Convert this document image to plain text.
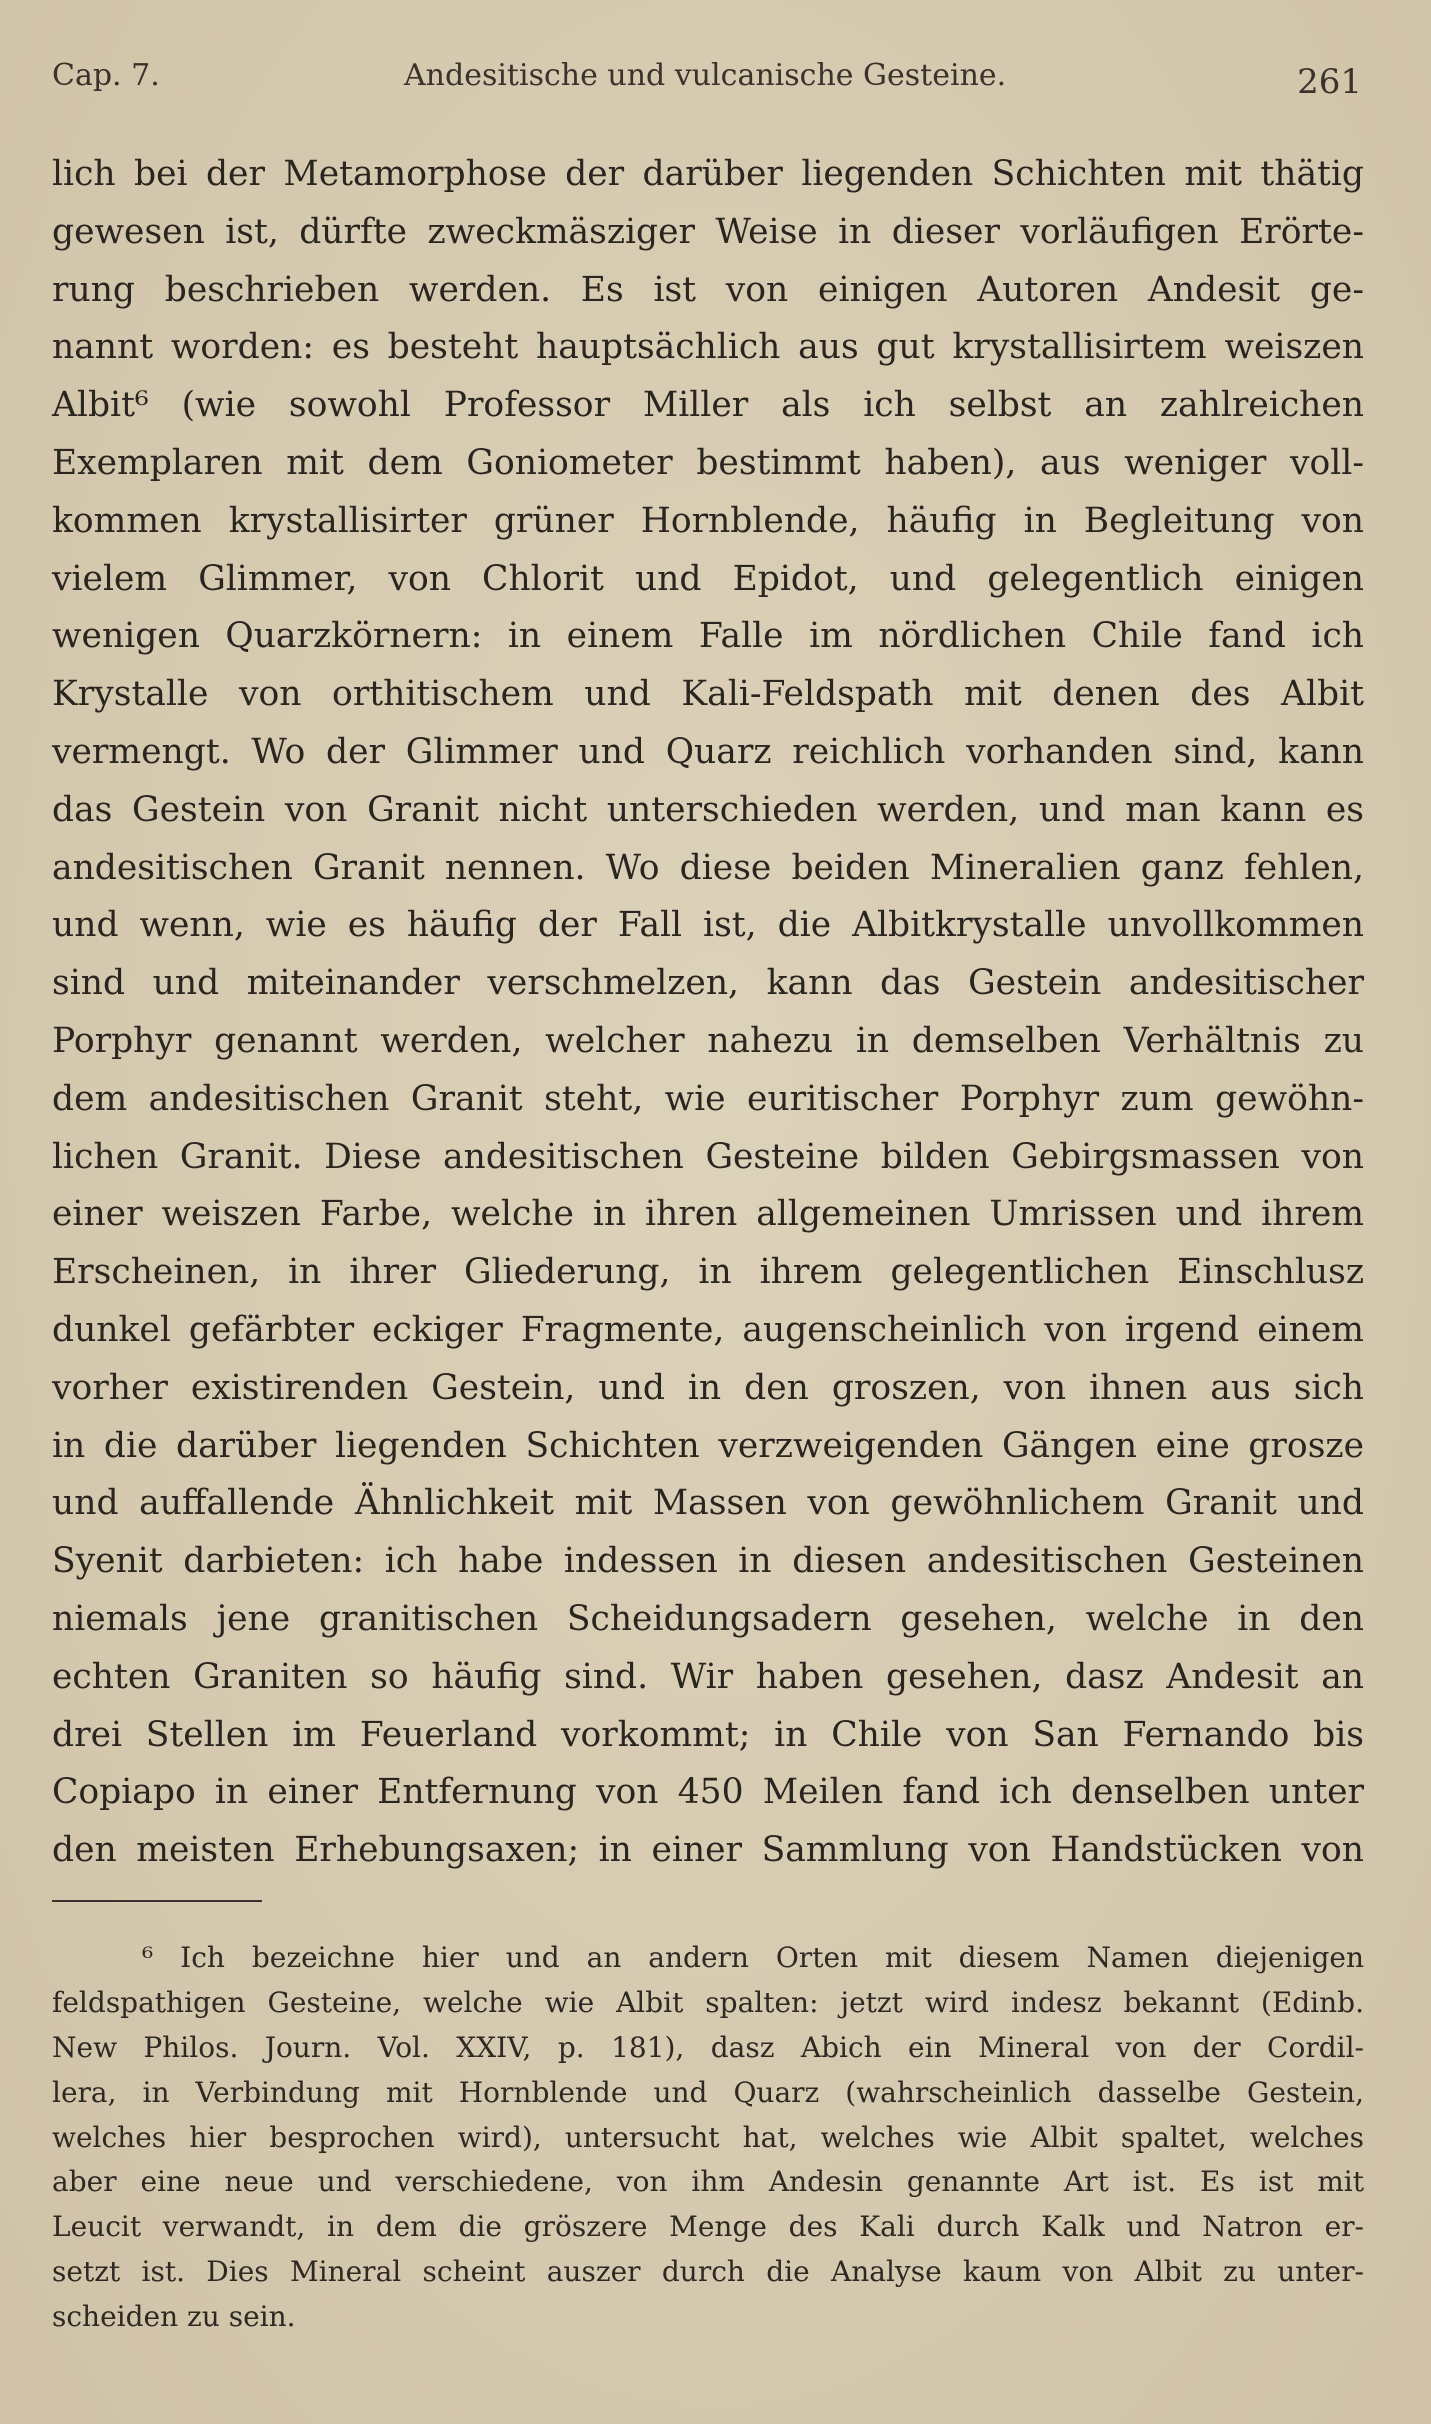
Cap. 7.	Andesitische und vulcanische Gesteine.	261
lich bei der Metamorphose der darüber liegenden Schichten mit thätig
gewesen ist, dürfte zweckmäsziger Weise in dieser vorläufigen Erörte-
rung beschrieben werden. Es ist von einigen Autoren Andesit ge-
nannt worden: es besteht hauptsächlich aus gut krystallisirtem weiszen
Albit⁶ (wie sowohl Professor Miller als ich selbst an zahlreichen
Exemplaren mit dem Goniometer bestimmt haben), aus weniger voll-
kommen krystallisirter grüner Hornblende, häufig in Begleitung von
vielem Glimmer, von Chlorit und Epidot, und gelegentlich einigen
wenigen Quarzkörnern: in einem Falle im nördlichen Chile fand ich
Krystalle von orthitischem und Kali-Feldspath mit denen des Albit
vermengt. Wo der Glimmer und Quarz reichlich vorhanden sind, kann
das Gestein von Granit nicht unterschieden werden, und man kann es
andesitischen Granit nennen. Wo diese beiden Mineralien ganz fehlen,
und wenn, wie es häufig der Fall ist, die Albitkrystalle unvollkommen
sind und miteinander verschmelzen, kann das Gestein andesitischer
Porphyr genannt werden, welcher nahezu in demselben Verhältnis zu
dem andesitischen Granit steht, wie euritischer Porphyr zum gewöhn-
lichen Granit. Diese andesitischen Gesteine bilden Gebirgsmassen von
einer weiszen Farbe, welche in ihren allgemeinen Umrissen und ihrem
Erscheinen, in ihrer Gliederung, in ihrem gelegentlichen Einschlusz
dunkel gefärbter eckiger Fragmente, augenscheinlich von irgend einem
vorher existirenden Gestein, und in den groszen, von ihnen aus sich
in die darüber liegenden Schichten verzweigenden Gängen eine grosze
und auffallende Ähnlichkeit mit Massen von gewöhnlichem Granit und
Syenit darbieten: ich habe indessen in diesen andesitischen Gesteinen
niemals jene granitischen Scheidungsadern gesehen, welche in den
echten Graniten so häufig sind. Wir haben gesehen, dasz Andesit an
drei Stellen im Feuerland vorkommt; in Chile von San Fernando bis
Copiapo in einer Entfernung von 450 Meilen fand ich denselben unter
den meisten Erhebungsaxen; in einer Sammlung von Handstücken von
⁶ Ich bezeichne hier und an andern Orten mit diesem Namen diejenigen
feldspathigen Gesteine, welche wie Albit spalten: jetzt wird indesz bekannt (Edinb.
New Philos. Journ. Vol. XXIV, p. 181), dasz Abich ein Mineral von der Cordil-
lera, in Verbindung mit Hornblende und Quarz (wahrscheinlich dasselbe Gestein,
welches hier besprochen wird), untersucht hat, welches wie Albit spaltet, welches
aber eine neue und verschiedene, von ihm Andesin genannte Art ist. Es ist mit
Leucit verwandt, in dem die gröszere Menge des Kali durch Kalk und Natron er-
setzt ist. Dies Mineral scheint auszer durch die Analyse kaum von Albit zu unter-
scheiden zu sein.
